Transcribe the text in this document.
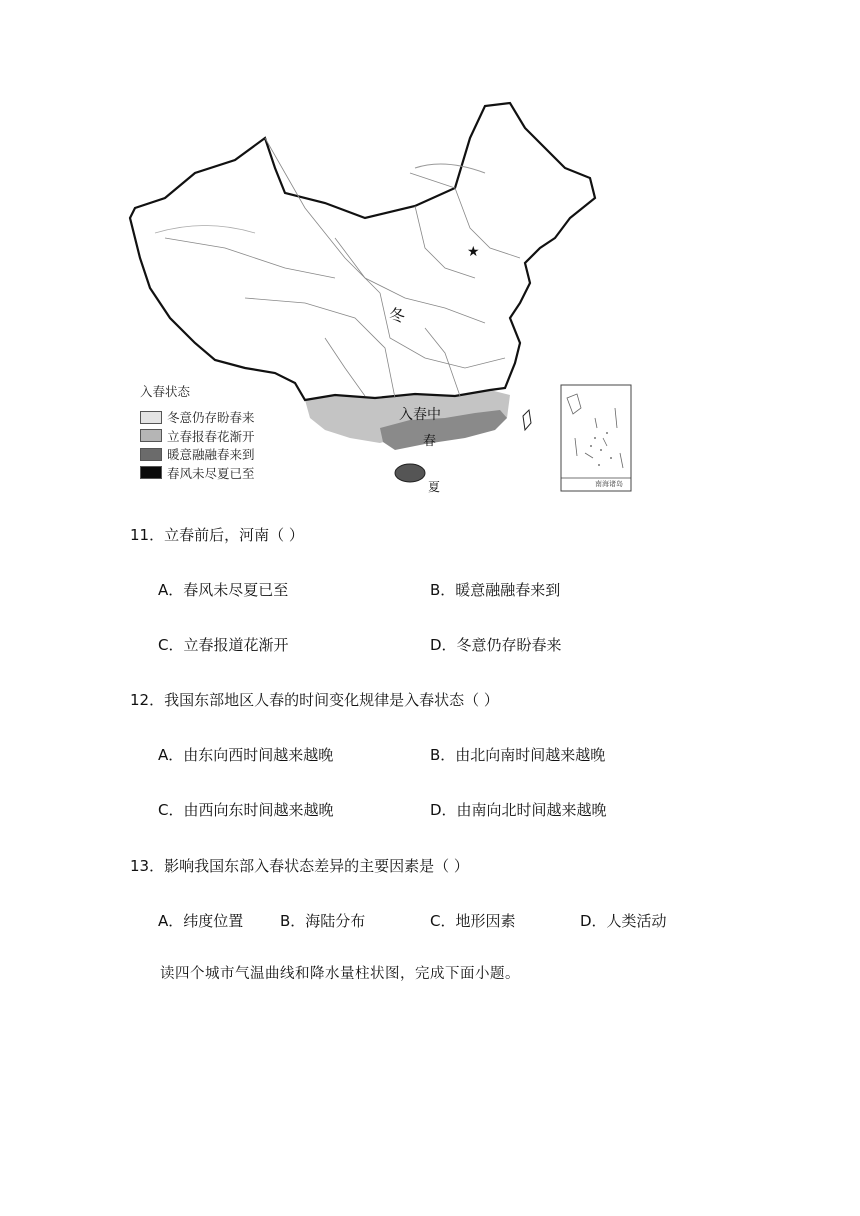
★
冬
入春中
春
夏	南海诸岛
入春状态
冬意仍存盼春来
立春报春花渐开
暖意融融春来到
春风未尽夏已至
11．立春前后，河南（ ）
A．春风未尽夏已至	B．暖意融融春来到
C．立春报道花渐开	D．冬意仍存盼春来
12．我国东部地区人春的时间变化规律是入春状态（ ）
A．由东向西时间越来越晚	B．由北向南时间越来越晚
C．由西向东时间越来越晚	D．由南向北时间越来越晚
13．影响我国东部入春状态差异的主要因素是（ ）
A．纬度位置 B．海陆分布	C．地形因素	D．人类活动
读四个城市气温曲线和降水量柱状图，完成下面小题。
